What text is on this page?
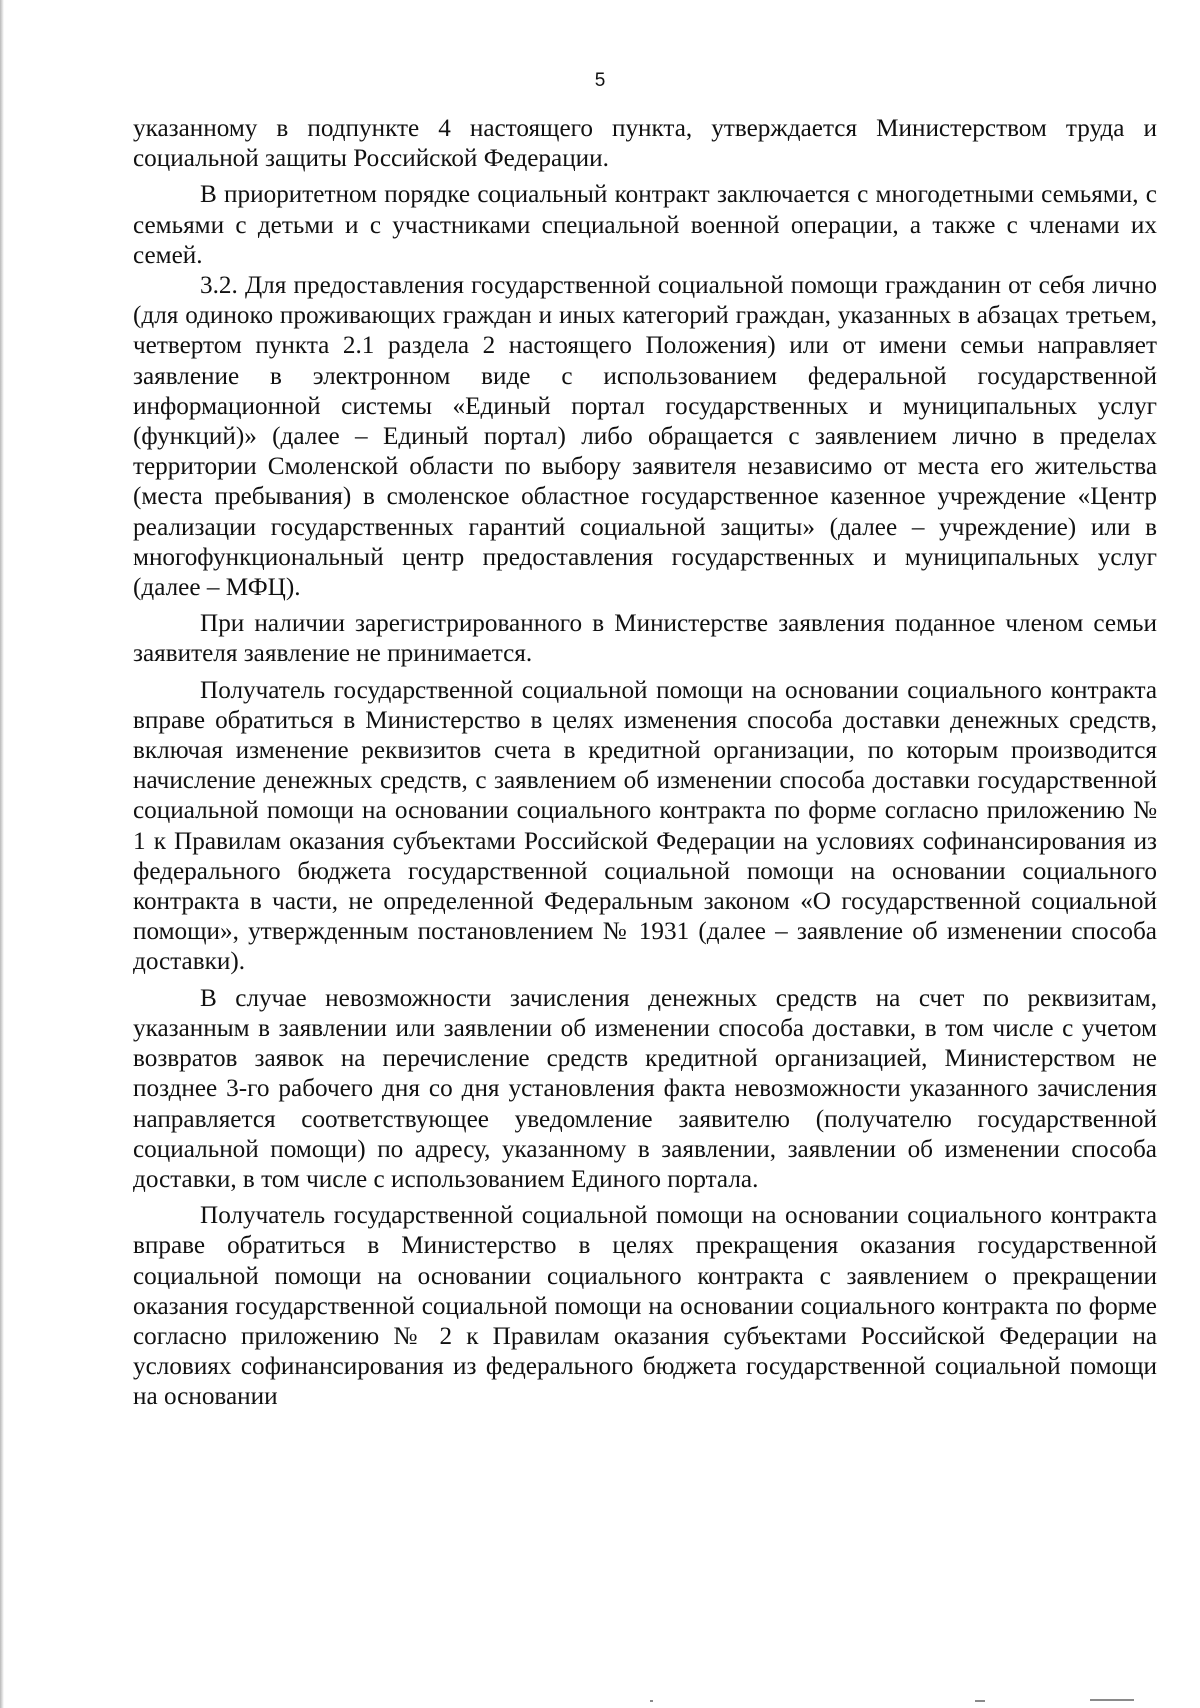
5

указанному в подпункте 4 настоящего пункта, утверждается Министерством труда и социальной защиты Российской Федерации.

В приоритетном порядке социальный контракт заключается с многодетными семьями, с семьями с детьми и с участниками специальной военной операции, а также с членами их семей.

3.2. Для предоставления государственной социальной помощи гражданин от себя лично (для одиноко проживающих граждан и иных категорий граждан, указанных в абзацах третьем, четвертом пункта 2.1 раздела 2 настоящего Положения) или от имени семьи направляет заявление в электронном виде с использованием федеральной государственной информационной системы «Единый портал государственных и муниципальных услуг (функций)» (далее – Единый портал) либо обращается с заявлением лично в пределах территории Смоленской области по выбору заявителя независимо от места его жительства (места пребывания) в смоленское областное государственное казенное учреждение «Центр реализации государственных гарантий социальной защиты» (далее – учреждение) или в многофункциональный центр предоставления государственных и муниципальных услуг (далее – МФЦ).

При наличии зарегистрированного в Министерстве заявления поданное членом семьи заявителя заявление не принимается.

Получатель государственной социальной помощи на основании социального контракта вправе обратиться в Министерство в целях изменения способа доставки денежных средств, включая изменение реквизитов счета в кредитной организации, по которым производится начисление денежных средств, с заявлением об изменении способа доставки государственной социальной помощи на основании социального контракта по форме согласно приложению № 1 к Правилам оказания субъектами Российской Федерации на условиях софинансирования из федерального бюджета государственной социальной помощи на основании социального контракта в части, не определенной Федеральным законом «О государственной социальной помощи», утвержденным постановлением № 1931 (далее – заявление об изменении способа доставки).

В случае невозможности зачисления денежных средств на счет по реквизитам, указанным в заявлении или заявлении об изменении способа доставки, в том числе с учетом возвратов заявок на перечисление средств кредитной организацией, Министерством не позднее 3-го рабочего дня со дня установления факта невозможности указанного зачисления направляется соответствующее уведомление заявителю (получателю государственной социальной помощи) по адресу, указанному в заявлении, заявлении об изменении способа доставки, в том числе с использованием Единого портала.

Получатель государственной социальной помощи на основании социального контракта вправе обратиться в Министерство в целях прекращения оказания государственной социальной помощи на основании социального контракта с заявлением о прекращении оказания государственной социальной помощи на основании социального контракта по форме согласно приложению № 2 к Правилам оказания субъектами Российской Федерации на условиях софинансирования из федерального бюджета государственной социальной помощи на основании
